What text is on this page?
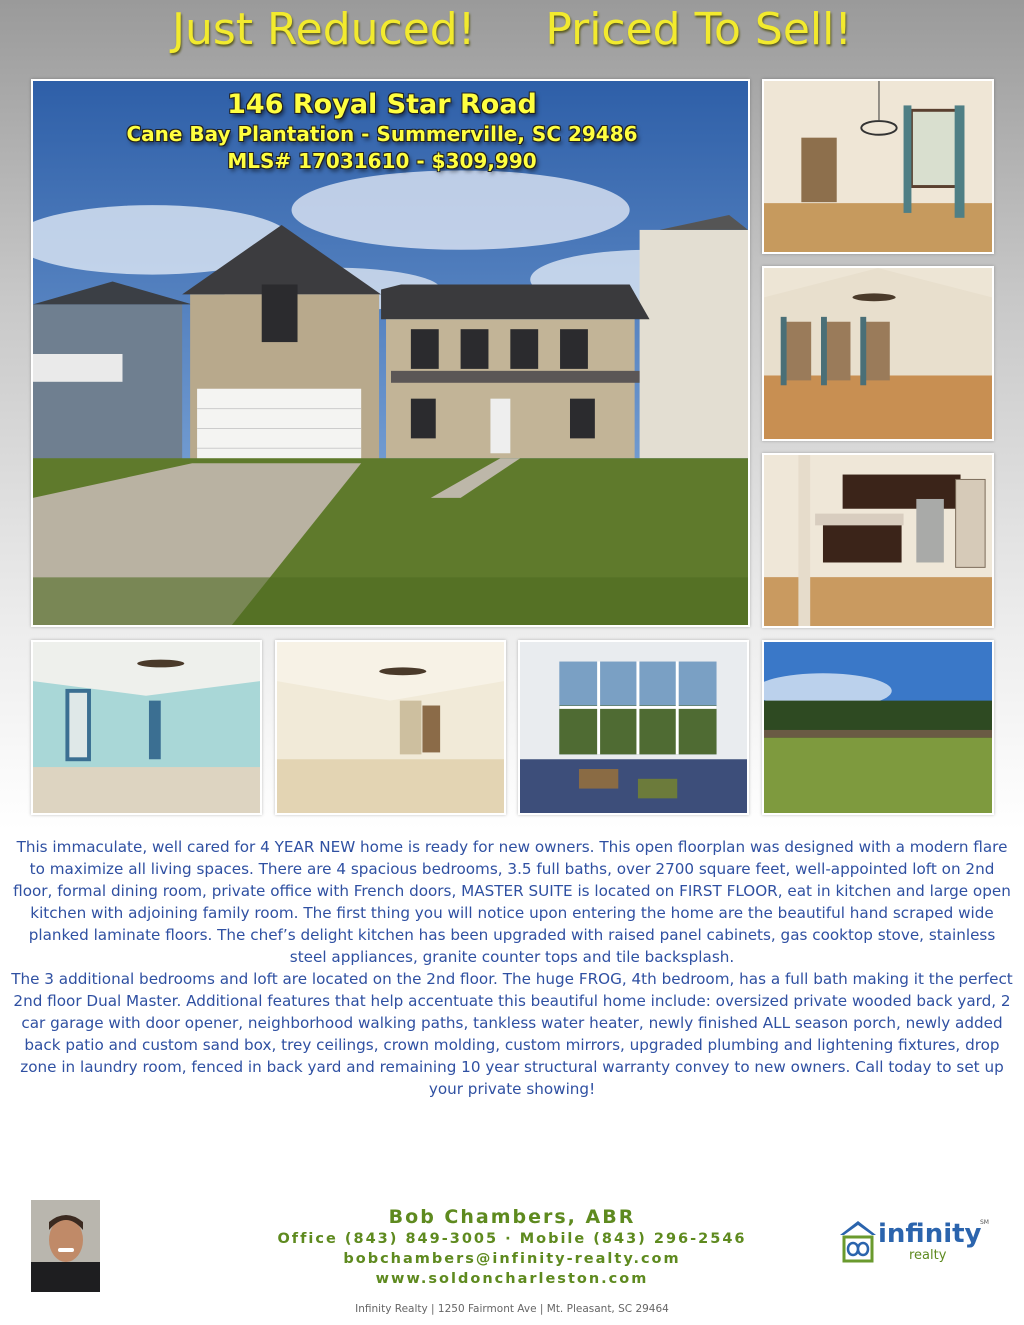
Just Reduced! Priced To Sell!
146 Royal Star Road
Cane Bay Plantation - Summerville, SC 29486
MLS# 17031610 - $309,990

This immaculate, well cared for 4 YEAR NEW home is ready for new owners. This open floorplan was designed with a modern flare to maximize all living spaces. There are 4 spacious bedrooms, 3.5 full baths, over 2700 square feet, well-appointed loft on 2nd floor, formal dining room, private office with French doors, MASTER SUITE is located on FIRST FLOOR, eat in kitchen and large open kitchen with adjoining family room. The first thing you will notice upon entering the home are the beautiful hand scraped wide planked laminate floors. The chef’s delight kitchen has been upgraded with raised panel cabinets, gas cooktop stove, stainless steel appliances, granite counter tops and tile backsplash.

The 3 additional bedrooms and loft are located on the 2nd floor. The huge FROG, 4th bedroom, has a full bath making it the perfect 2nd floor Dual Master. Additional features that help accentuate this beautiful home include: oversized private wooded back yard, 2 car garage with door opener, neighborhood walking paths, tankless water heater, newly finished ALL season porch, newly added back patio and custom sand box, trey ceilings, crown molding, custom mirrors, upgraded plumbing and lightening fixtures, drop zone in laundry room, fenced in back yard and remaining 10 year structural warranty convey to new owners. Call today to set up your private showing!

Bob Chambers, ABR
Office (843) 849-3005 · Mobile (843) 296-2546
bobchambers@infinity-realty.com
www.soldoncharleston.com
infinity
SM
realty
Infinity Realty | 1250 Fairmont Ave | Mt. Pleasant, SC 29464
